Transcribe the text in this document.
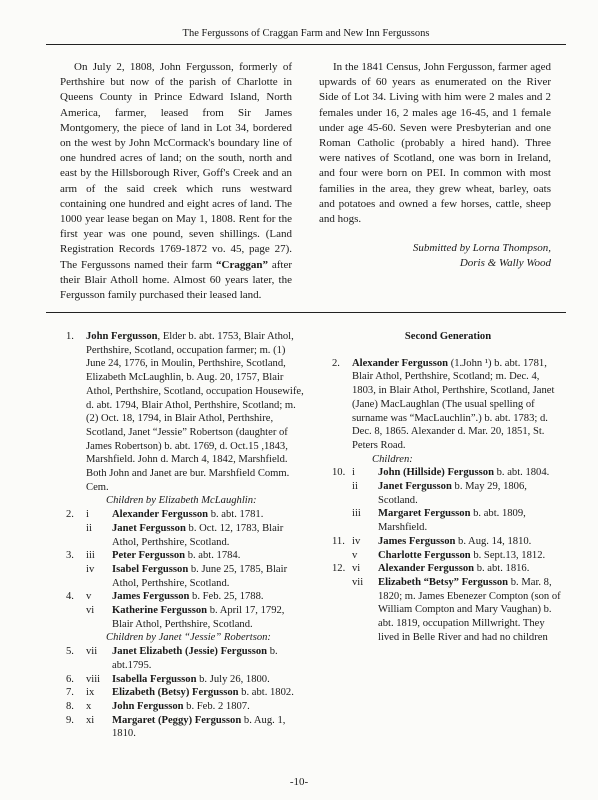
The Fergussons of Craggan Farm and New Inn Fergussons

On July 2, 1808, John Fergusson, formerly of Perthshire but now of the parish of Charlotte in Queens County in Prince Edward Island, North America, farmer, leased from Sir James Montgomery, the piece of land in Lot 34, bordered on the west by John McCormack's boundary line of one hundred acres of land; on the south, north and east by the Hillsborough River, Goff's Creek and an arm of the said creek which runs westward containing one hundred and eight acres of land. The 1000 year lease began on May 1, 1808. Rent for the first year was one pound, seven shillings. (Land Registration Records 1769-1872 vo. 45, page 27). The Fergussons named their farm “Craggan” after their Blair Atholl home. Almost 60 years later, the Fergusson family purchased their leased land.

In the 1841 Census, John Fergusson, farmer aged upwards of 60 years as enumerated on the River Side of Lot 34. Living with him were 2 males and 2 females under 16, 2 males age 16-45, and 1 female under age 45-60. Seven were Presbyterian and one Roman Catholic (probably a hired hand). Three were natives of Scotland, one was born in Ireland, and four were born on PEI. In common with most families in the area, they grew wheat, barley, oats and potatoes and owned a few horses, cattle, sheep and hogs.

Submitted by Lorna Thompson,
Doris & Wally Wood
1.	John Fergusson, Elder b. abt. 1753, Blair Athol, Perthshire, Scotland, occupation farmer; m. (1) June 24, 1776, in Moulin, Perthshire, Scotland, Elizabeth McLaughlin, b. Aug. 20, 1757, Blair Athol, Perthshire, Scotland, occupation Housewife, d. abt. 1794, Blair Athol, Perthshire, Scotland; m. (2) Oct. 18, 1794, in Blair Athol, Perthshire, Scotland, Janet “Jessie” Robertson (daughter of James Robertson) b. abt. 1769, d. Oct.15 ,1843, Marshfield. John d. March 4, 1842, Marshfield. Both John and Janet are bur. Marshfield Comm. Cem.
Children by Elizabeth McLaughlin:
2.	i	Alexander Fergusson b. abt. 1781.
ii	Janet Fergusson b. Oct. 12, 1783, Blair Athol, Perthshire, Scotland.
3.	iii	Peter Fergusson b. abt. 1784.
iv	Isabel Fergusson b. June 25, 1785, Blair Athol, Perthshire, Scotland.
4.	v	James Fergusson b. Feb. 25, 1788.
vi	Katherine Fergusson b. April 17, 1792, Blair Athol, Perthshire, Scotland.
Children by Janet “Jessie” Robertson:
5.	vii	Janet Elizabeth (Jessie) Fergusson b. abt.1795.
6.	viii	Isabella Fergusson b. July 26, 1800.
7.	ix	Elizabeth (Betsy) Fergusson b. abt. 1802.
8.	x	John Fergusson b. Feb. 2 1807.
9.	xi	Margaret (Peggy) Fergusson b. Aug. 1, 1810.
Second Generation
2.	Alexander Fergusson (1.John ¹) b. abt. 1781, Blair Athol, Perthshire, Scotland; m. Dec. 4, 1803, in Blair Athol, Perthshire, Scotland, Janet (Jane) MacLaughlan (The usual spelling of surname was “MacLauchlin”.) b. abt. 1783; d. Dec. 8, 1865. Alexander d. Mar. 20, 1851, St. Peters Road.
Children:
10. i	John (Hillside) Fergusson b. abt. 1804.
ii	Janet Fergusson b. May 29, 1806, Scotland.
iii	Margaret Fergusson b. abt. 1809, Marshfield.
11. iv	James Fergusson b. Aug. 14, 1810.
v	Charlotte Fergusson b. Sept.13, 1812.
12. vi	Alexander Fergusson b. abt. 1816.
vii	Elizabeth “Betsy” Fergusson b. Mar. 8, 1820; m. James Ebenezer Compton (son of William Compton and Mary Vaughan) b. abt. 1819, occupation Millwright. They lived in Belle River and had no children
-10-
